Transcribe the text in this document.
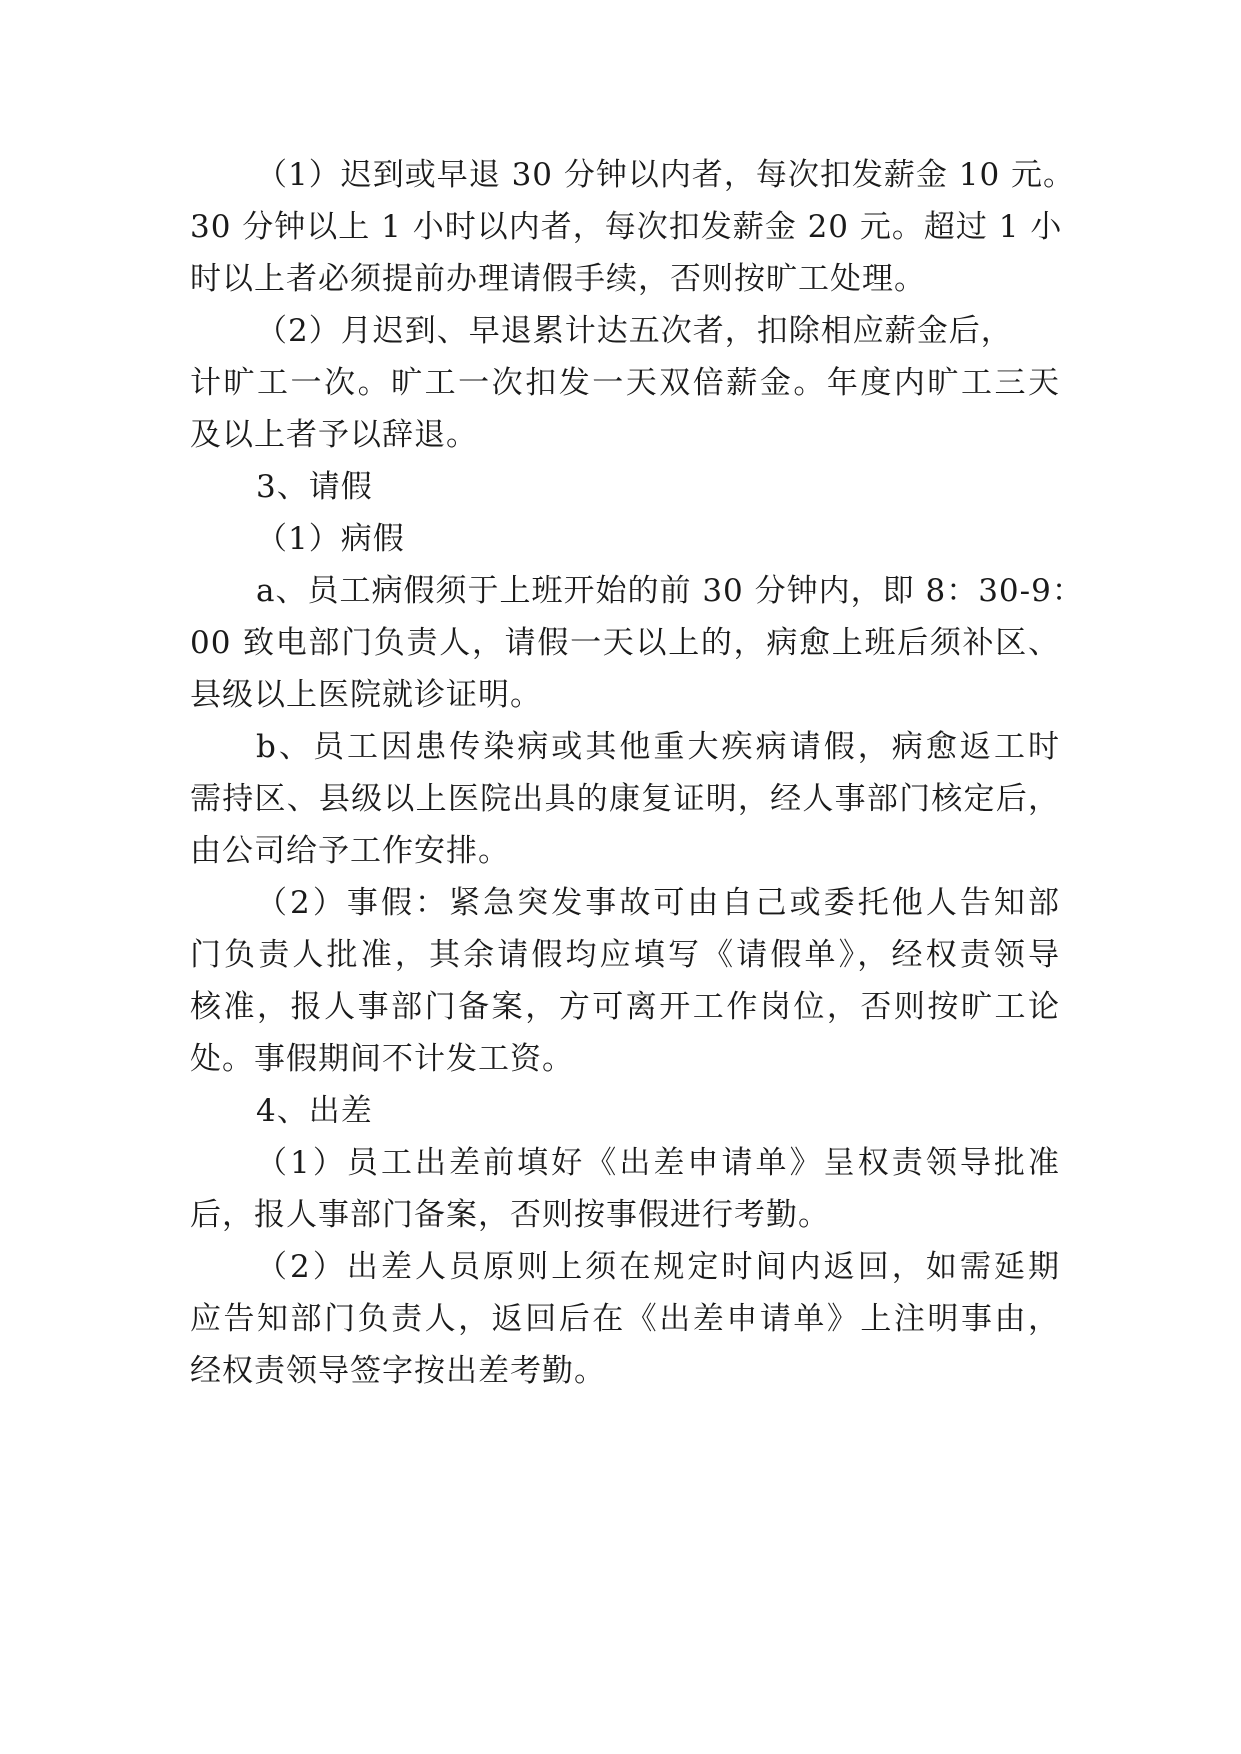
（1）迟到或早退 30 分钟以内者，每次扣发薪金 10 元。
30 分钟以上 1 小时以内者，每次扣发薪金 20 元。超过 1 小
时以上者必须提前办理请假手续，否则按旷工处理。
（2）月迟到、早退累计达五次者，扣除相应薪金后，
计旷工一次。旷工一次扣发一天双倍薪金。年度内旷工三天
及以上者予以辞退。
3、请假
（1）病假
a、员工病假须于上班开始的前 30 分钟内，即 8：30-9：
00 致电部门负责人，请假一天以上的，病愈上班后须补区、
县级以上医院就诊证明。
b、员工因患传染病或其他重大疾病请假，病愈返工时
需持区、县级以上医院出具的康复证明，经人事部门核定后，
由公司给予工作安排。
（2）事假：紧急突发事故可由自己或委托他人告知部
门负责人批准，其余请假均应填写《请假单》，经权责领导
核准，报人事部门备案，方可离开工作岗位，否则按旷工论
处。事假期间不计发工资。
4、出差
（1）员工出差前填好《出差申请单》呈权责领导批准
后，报人事部门备案，否则按事假进行考勤。
（2）出差人员原则上须在规定时间内返回，如需延期
应告知部门负责人，返回后在《出差申请单》上注明事由，
经权责领导签字按出差考勤。
